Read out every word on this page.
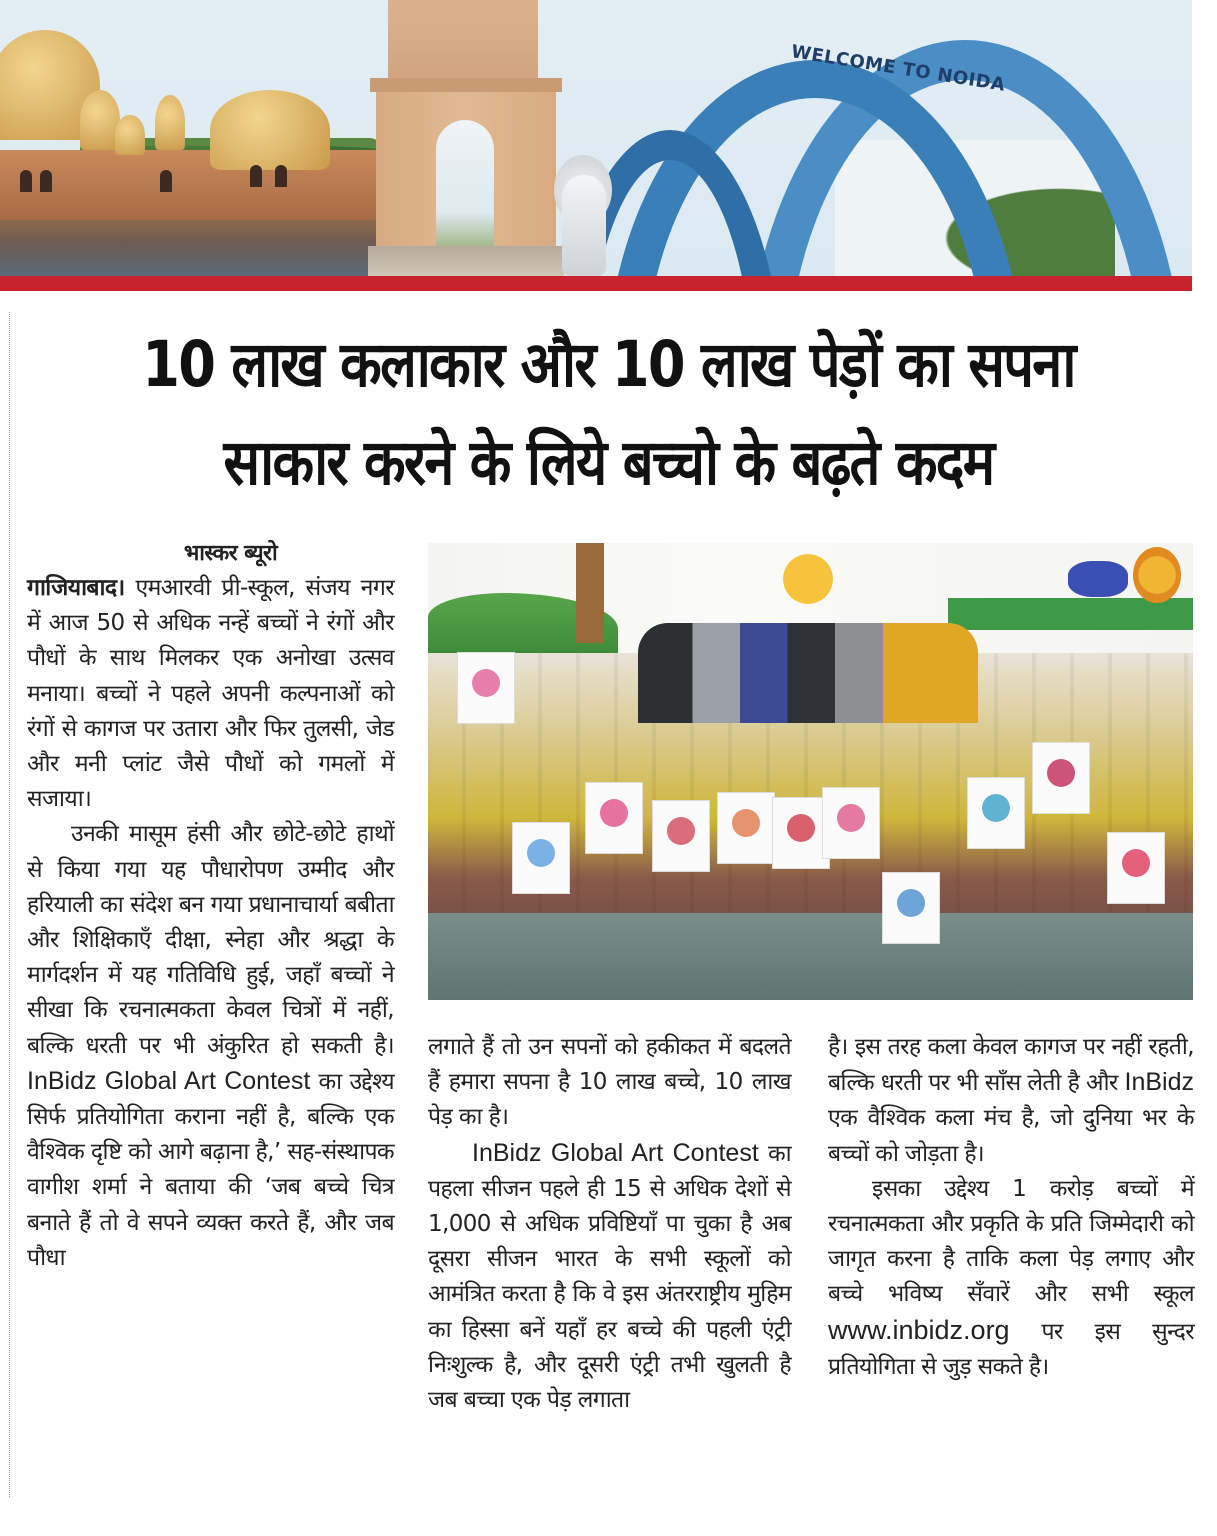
WELCOME TO NOIDA
10 लाख कलाकार और 10 लाख पेड़ों का सपना
साकार करने के लिये बच्चो के बढ़ते कदम
भास्कर ब्यूरो

गाजियाबाद। एमआरवी प्री-स्कूल, संजय नगर में आज 50 से अधिक नन्हें बच्चों ने रंगों और पौधों के साथ मिलकर एक अनोखा उत्सव मनाया। बच्चों ने पहले अपनी कल्पनाओं को रंगों से कागज पर उतारा और फिर तुलसी, जेड और मनी प्लांट जैसे पौधों को गमलों में सजाया।

उनकी मासूम हंसी और छोटे-छोटे हाथों से किया गया यह पौधारोपण उम्मीद और हरियाली का संदेश बन गया प्रधानाचार्या बबीता और शिक्षिकाएँ दीक्षा, स्नेहा और श्रद्धा के मार्गदर्शन में यह गतिविधि हुई, जहाँ बच्चों ने सीखा कि रचनात्मकता केवल चित्रों में नहीं, बल्कि धरती पर भी अंकुरित हो सकती है। InBidz Global Art Contest का उद्देश्य सिर्फ प्रतियोगिता कराना नहीं है, बल्कि एक वैश्विक दृष्टि को आगे बढ़ाना है,’ सह-संस्थापक वागीश शर्मा ने बताया की ‘जब बच्चे चित्र बनाते हैं तो वे सपने व्यक्त करते हैं, और जब पौधा

लगाते हैं तो उन सपनों को हकीकत में बदलते हैं हमारा सपना है 10 लाख बच्चे, 10 लाख पेड़ का है।

InBidz Global Art Contest का पहला सीजन पहले ही 15 से अधिक देशों से 1,000 से अधिक प्रविष्टियाँ पा चुका है अब दूसरा सीजन भारत के सभी स्कूलों को आमंत्रित करता है कि वे इस अंतरराष्ट्रीय मुहिम का हिस्सा बनें यहाँ हर बच्चे की पहली एंट्री निःशुल्क है, और दूसरी एंट्री तभी खुलती है जब बच्चा एक पेड़ लगाता

है। इस तरह कला केवल कागज पर नहीं रहती, बल्कि धरती पर भी साँस लेती है और InBidz एक वैश्विक कला मंच है, जो दुनिया भर के बच्चों को जोड़ता है।

इसका उद्देश्य 1 करोड़ बच्चों में रचनात्मकता और प्रकृति के प्रति जिम्मेदारी को जागृत करना है ताकि कला पेड़ लगाए और बच्चे भविष्य सँवारें और सभी स्कूल www.inbidz.org पर इस सुन्दर प्रतियोगिता से जुड़ सकते है।
